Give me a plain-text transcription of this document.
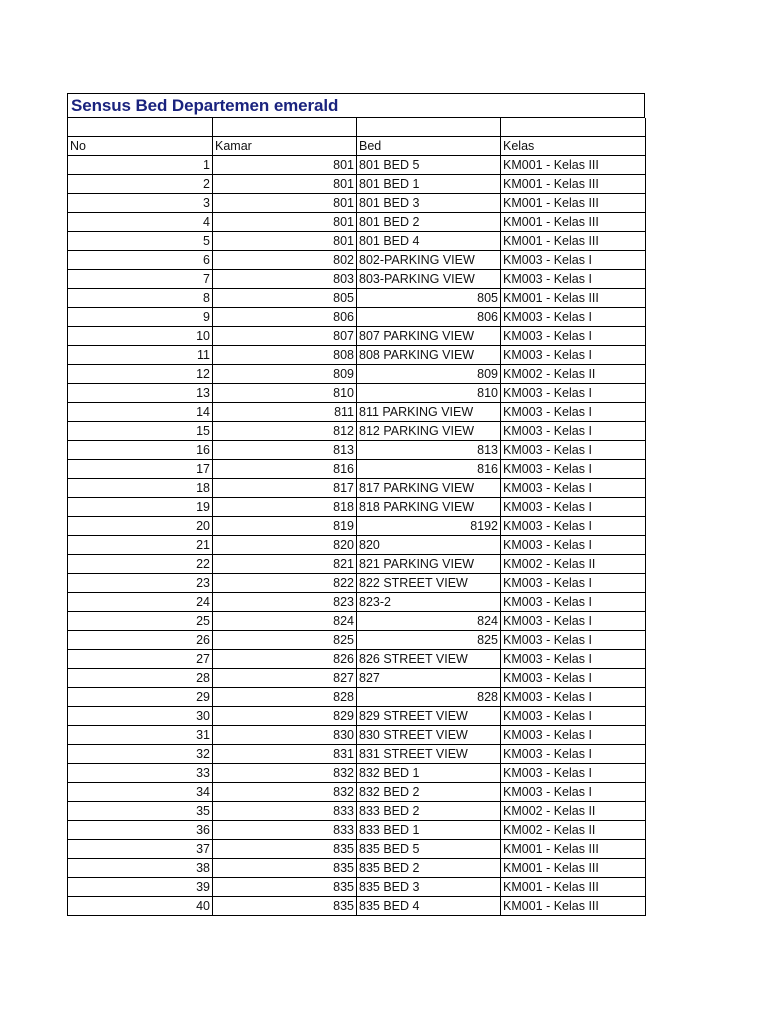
Sensus Bed Departemen emerald

No	Kamar	Bed	Kelas
1	801	801 BED 5	KM001 - Kelas III
2	801	801 BED 1	KM001 - Kelas III
3	801	801 BED 3	KM001 - Kelas III
4	801	801 BED 2	KM001 - Kelas III
5	801	801 BED 4	KM001 - Kelas III
6	802	802-PARKING VIEW	KM003 - Kelas I
7	803	803-PARKING VIEW	KM003 - Kelas I
8	805	805	KM001 - Kelas III
9	806	806	KM003 - Kelas I
10	807	807 PARKING VIEW	KM003 - Kelas I
11	808	808 PARKING VIEW	KM003 - Kelas I
12	809	809	KM002 - Kelas II
13	810	810	KM003 - Kelas I
14	811	811 PARKING VIEW	KM003 - Kelas I
15	812	812 PARKING VIEW	KM003 - Kelas I
16	813	813	KM003 - Kelas I
17	816	816	KM003 - Kelas I
18	817	817 PARKING VIEW	KM003 - Kelas I
19	818	818 PARKING VIEW	KM003 - Kelas I
20	819	8192	KM003 - Kelas I
21	820	820	KM003 - Kelas I
22	821	821 PARKING VIEW	KM002 - Kelas II
23	822	822 STREET VIEW	KM003 - Kelas I
24	823	823-2	KM003 - Kelas I
25	824	824	KM003 - Kelas I
26	825	825	KM003 - Kelas I
27	826	826 STREET VIEW	KM003 - Kelas I
28	827	827	KM003 - Kelas I
29	828	828	KM003 - Kelas I
30	829	829 STREET VIEW	KM003 - Kelas I
31	830	830 STREET VIEW	KM003 - Kelas I
32	831	831 STREET VIEW	KM003 - Kelas I
33	832	832 BED 1	KM003 - Kelas I
34	832	832 BED 2	KM003 - Kelas I
35	833	833 BED 2	KM002 - Kelas II
36	833	833 BED 1	KM002 - Kelas II
37	835	835 BED 5	KM001 - Kelas III
38	835	835 BED 2	KM001 - Kelas III
39	835	835 BED 3	KM001 - Kelas III
40	835	835 BED 4	KM001 - Kelas III
